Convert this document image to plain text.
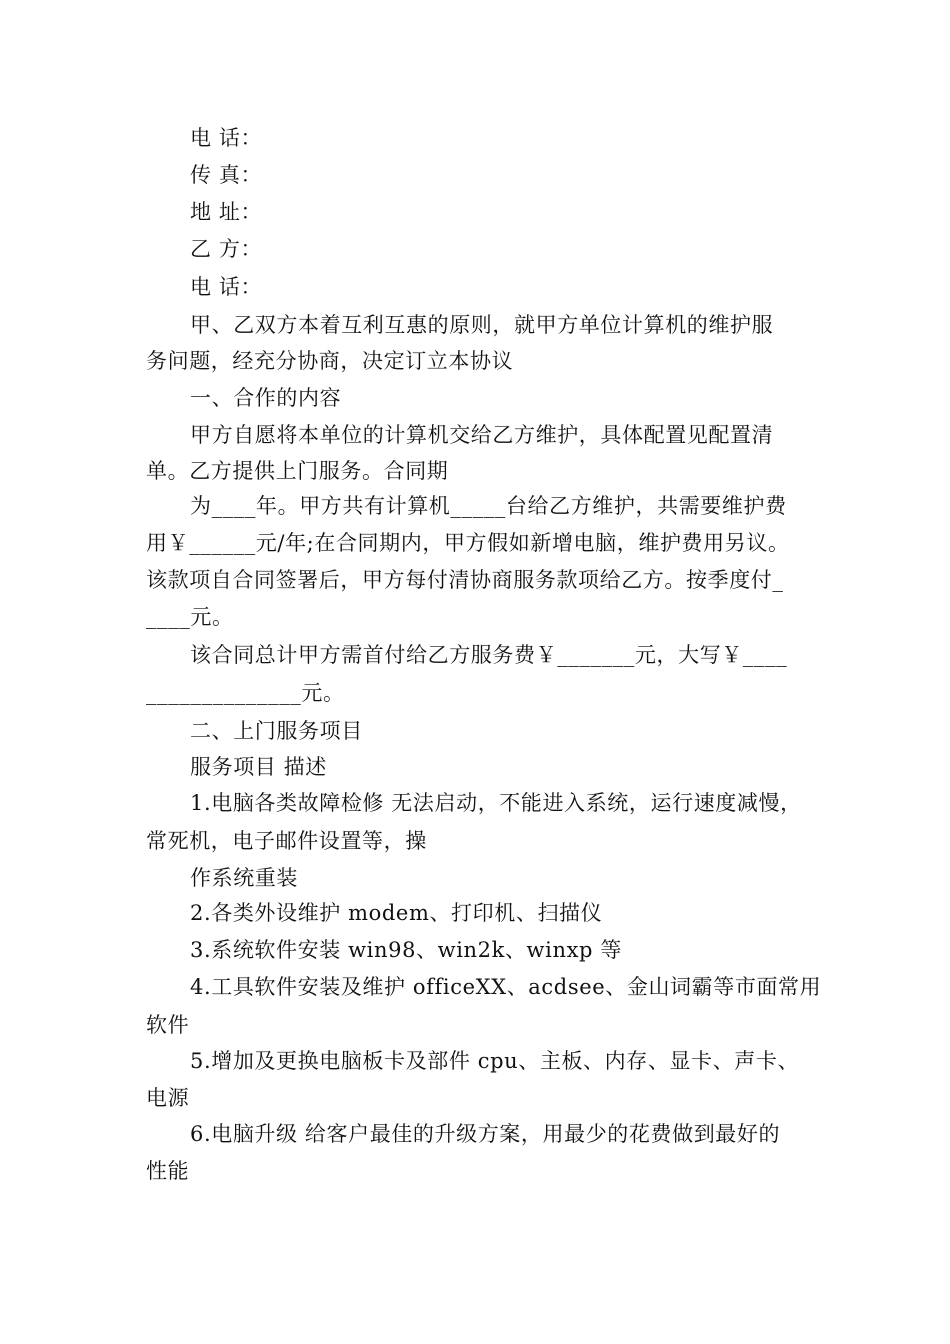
电 话：
传 真：
地 址：
乙 方：
电 话：
甲、乙双方本着互利互惠的原则，就甲方单位计算机的维护服
务问题，经充分协商，决定订立本协议
一、合作的内容
甲方自愿将本单位的计算机交给乙方维护，具体配置见配置清
单。乙方提供上门服务。合同期
为____年。甲方共有计算机_____台给乙方维护，共需要维护费
用￥______元/年;在合同期内，甲方假如新增电脑，维护费用另议。
该款项自合同签署后，甲方每付清协商服务款项给乙方。按季度付_
____元。
该合同总计甲方需首付给乙方服务费￥_______元，大写￥____
______________元。
二、上门服务项目
服务项目 描述
1.电脑各类故障检修 无法启动，不能进入系统，运行速度减慢，
常死机，电子邮件设置等，操
作系统重装
2.各类外设维护 modem、打印机、扫描仪
3.系统软件安装 win98、win2k、winxp 等
4.工具软件安装及维护 officeXX、acdsee、金山词霸等市面常用
软件
5.增加及更换电脑板卡及部件 cpu、主板、内存、显卡、声卡、
电源
6.电脑升级 给客户最佳的升级方案，用最少的花费做到最好的
性能
